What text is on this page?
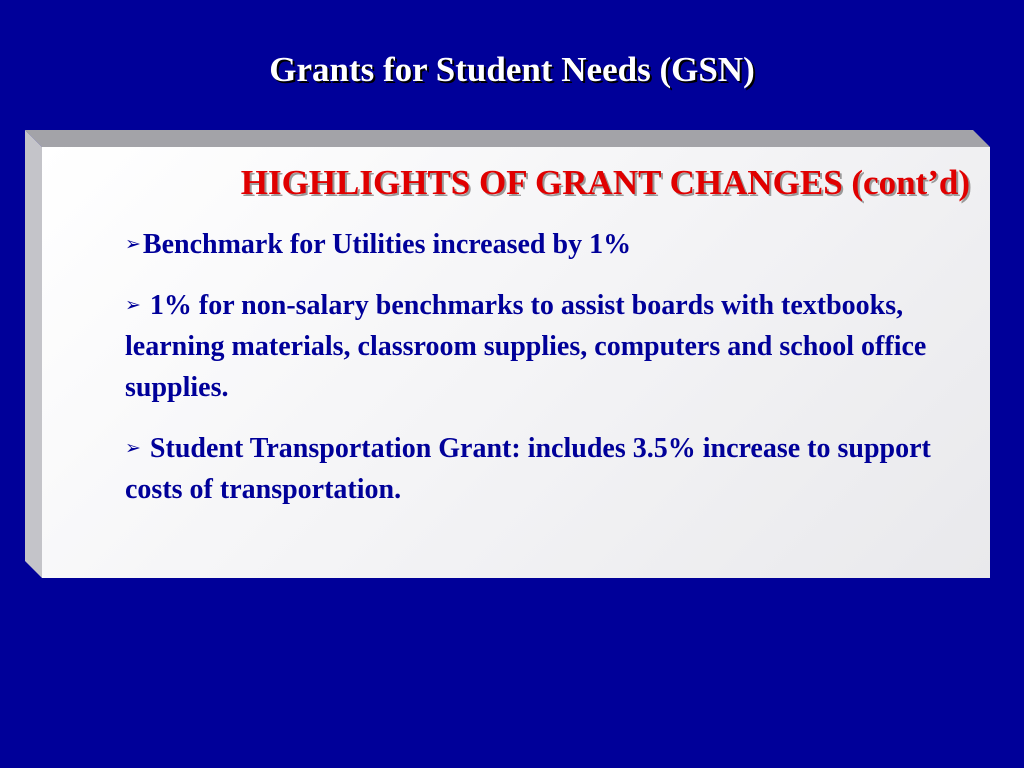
Grants for Student Needs (GSN)
HIGHLIGHTS OF GRANT CHANGES (cont’d)

➢Benchmark for Utilities increased by 1%

➢ 1% for non-salary benchmarks to assist boards with textbooks, learning materials, classroom supplies, computers and school office supplies.

➢ Student Transportation Grant: includes 3.5% increase to support costs of transportation.
